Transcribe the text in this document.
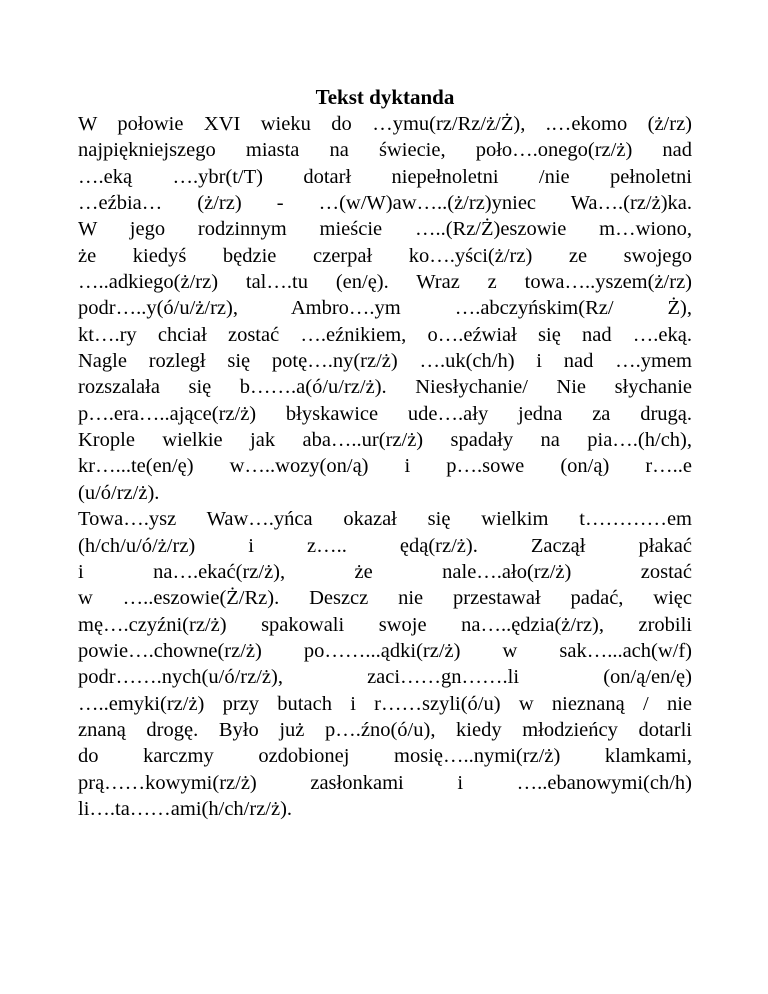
Tekst dyktanda
W połowie XVI wieku do …ymu(rz/Rz/ż/Ż), .…ekomo (ż/rz)
najpiękniejszego miasta na świecie, poło….onego(rz/ż) nad
….eką ….ybr(t/T) dotarł niepełnoletni /nie pełnoletni
…eźbia… (ż/rz) - …(w/W)aw…..(ż/rz)yniec Wa….(rz/ż)ka.
W jego rodzinnym mieście …..(Rz/Ż)eszowie m…wiono,
że kiedyś będzie czerpał ko….yści(ż/rz) ze swojego
…..adkiego(ż/rz) tal….tu (en/ę). Wraz z towa…..yszem(ż/rz)
podr…..y(ó/u/ż/rz), Ambro….ym ….abczyńskim(Rz/ Ż),
kt….ry chciał zostać ….eźnikiem, o….eźwiał się nad ….eką.
Nagle rozległ się potę….ny(rz/ż) ….uk(ch/h) i nad ….ymem
rozszalała się b…….a(ó/u/rz/ż). Niesłychanie/ Nie słychanie
p….era…..ające(rz/ż) błyskawice ude….ały jedna za drugą.
Krople wielkie jak aba…..ur(rz/ż) spadały na pia….(h/ch),
kr…...te(en/ę) w…..wozy(on/ą) i p….sowe (on/ą) r…..e
(u/ó/rz/ż).
Towa….ysz Waw….yńca okazał się wielkim t…………em
(h/ch/u/ó/ż/rz) i z….. ędą(rz/ż). Zaczął płakać
i na….ekać(rz/ż), że nale….ało(rz/ż) zostać
w …..eszowie(Ż/Rz). Deszcz nie przestawał padać, więc
mę….czyźni(rz/ż) spakowali swoje na…..ędzia(ż/rz), zrobili
powie….chowne(rz/ż) po……...ądki(rz/ż) w sak…...ach(w/f)
podr…….nych(u/ó/rz/ż), zaci……gn…….li (on/ą/en/ę)
…..emyki(rz/ż) przy butach i r……szyli(ó/u) w nieznaną / nie
znaną drogę. Było już p….źno(ó/u), kiedy młodzieńcy dotarli
do karczmy ozdobionej mosię…..nymi(rz/ż) klamkami,
prą……kowymi(rz/ż) zasłonkami i …..ebanowymi(ch/h)
li….ta……ami(h/ch/rz/ż).
